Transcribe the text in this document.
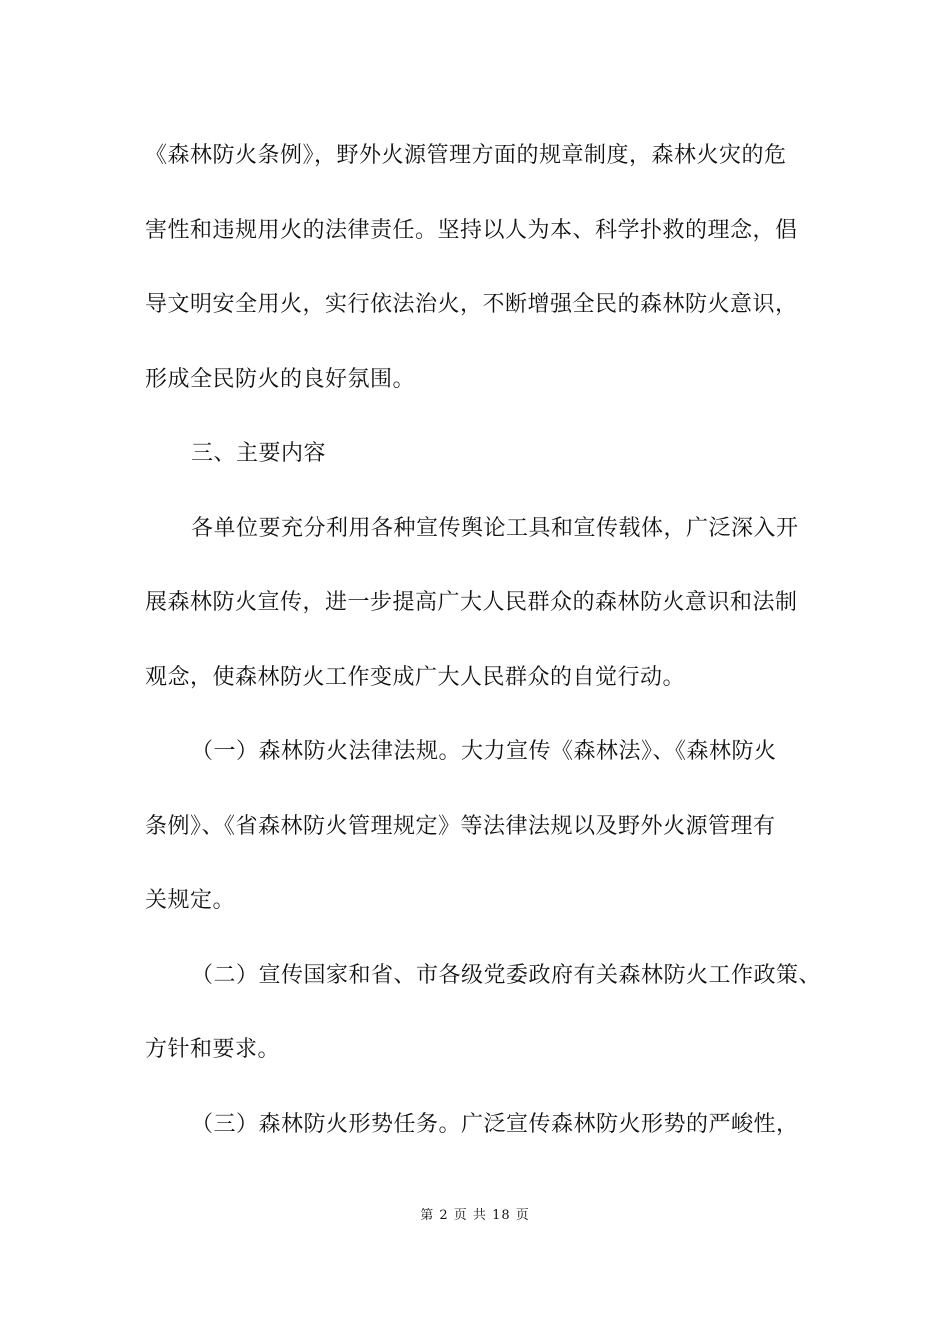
《森林防火条例》，野外火源管理方面的规章制度，森林火灾的危
害性和违规用火的法律责任。坚持以人为本、科学扑救的理念，倡
导文明安全用火，实行依法治火，不断增强全民的森林防火意识，
形成全民防火的良好氛围。
三、主要内容
各单位要充分利用各种宣传舆论工具和宣传载体，广泛深入开
展森林防火宣传，进一步提高广大人民群众的森林防火意识和法制
观念，使森林防火工作变成广大人民群众的自觉行动。
（一）森林防火法律法规。大力宣传《森林法》、《森林防火
条例》、《省森林防火管理规定》等法律法规以及野外火源管理有
关规定。
（二）宣传国家和省、市各级党委政府有关森林防火工作政策、
方针和要求。
（三）森林防火形势任务。广泛宣传森林防火形势的严峻性，
第 2 页 共 18 页
